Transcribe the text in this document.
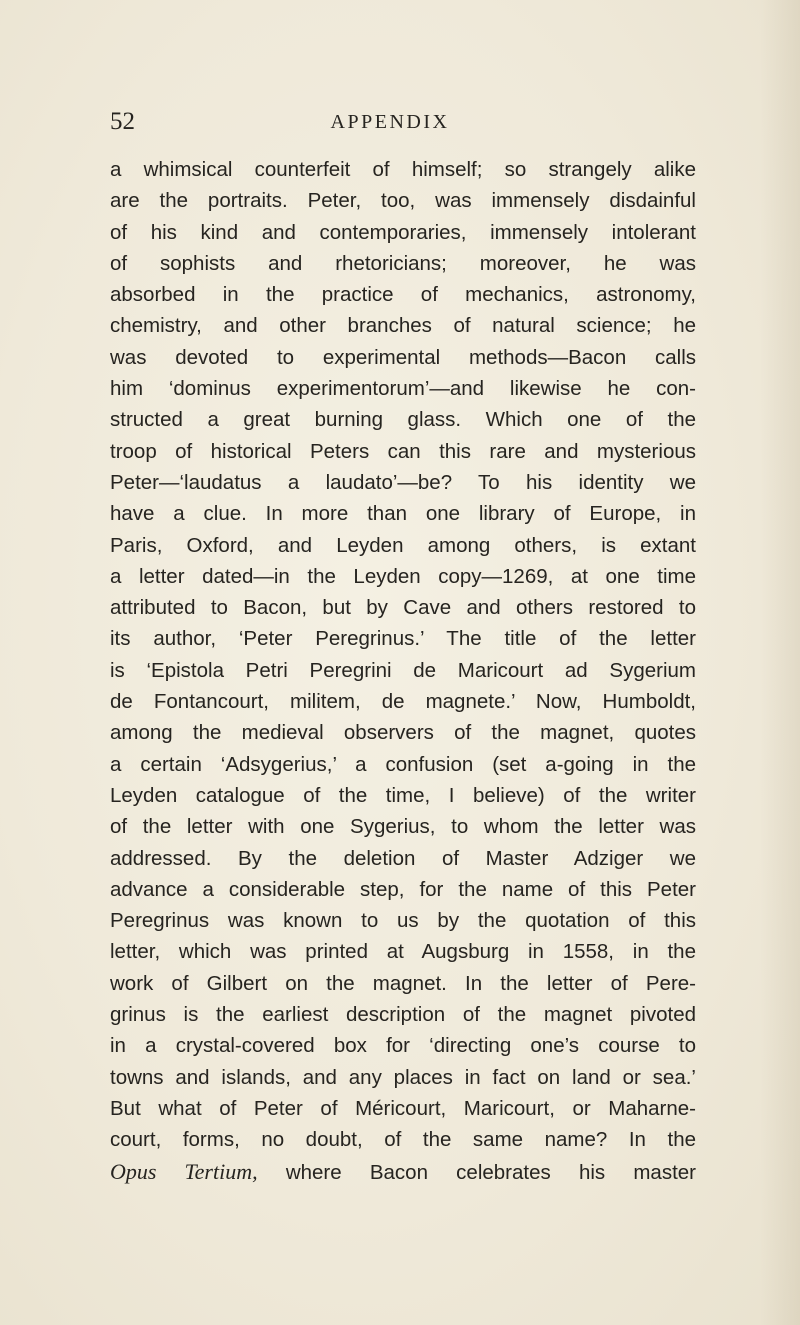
52	APPENDIX
a whimsical counterfeit of himself; so strangely alike
are the portraits. Peter, too, was immensely disdainful
of his kind and contemporaries, immensely intolerant
of sophists and rhetoricians; moreover, he was
absorbed in the practice of mechanics, astronomy,
chemistry, and other branches of natural science; he
was devoted to experimental methods—Bacon calls
him ‘dominus experimentorum’—and likewise he con-
structed a great burning glass. Which one of the
troop of historical Peters can this rare and mysterious
Peter—‘laudatus a laudato’—be? To his identity we
have a clue. In more than one library of Europe, in
Paris, Oxford, and Leyden among others, is extant
a letter dated—in the Leyden copy—1269, at one time
attributed to Bacon, but by Cave and others restored to
its author, ‘Peter Peregrinus.’ The title of the letter
is ‘Epistola Petri Peregrini de Maricourt ad Sygerium
de Fontancourt, militem, de magnete.’ Now, Humboldt,
among the medieval observers of the magnet, quotes
a certain ‘Adsygerius,’ a confusion (set a-going in the
Leyden catalogue of the time, I believe) of the writer
of the letter with one Sygerius, to whom the letter was
addressed. By the deletion of Master Adziger we
advance a considerable step, for the name of this Peter
Peregrinus was known to us by the quotation of this
letter, which was printed at Augsburg in 1558, in the
work of Gilbert on the magnet. In the letter of Pere-
grinus is the earliest description of the magnet pivoted
in a crystal-covered box for ‘directing one’s course to
towns and islands, and any places in fact on land or sea.’
But what of Peter of Méricourt, Maricourt, or Maharne-
court, forms, no doubt, of the same name? In the
Opus Tertium, where Bacon celebrates his master
